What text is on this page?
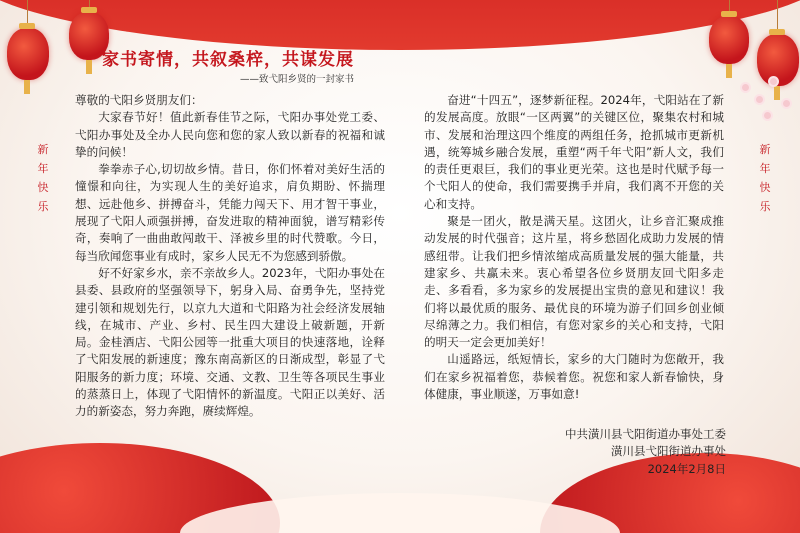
新
年
快
乐
新
年
快
乐
家书寄情，共叙桑梓，共谋发展
——致弋阳乡贤的一封家书

尊敬的弋阳乡贤朋友们：

大家春节好！值此新春佳节之际，弋阳办事处党工委、弋阳办事处及全办人民向您和您的家人致以新春的祝福和诚挚的问候！

拳拳赤子心,切切故乡情。昔日，你们怀着对美好生活的憧憬和向往，为实现人生的美好追求，肩负期盼、怀揣理想、远赴他乡、拼搏奋斗，凭能力闯天下、用才智干事业，展现了弋阳人顽强拼搏，奋发进取的精神面貌，谱写精彩传奇，奏响了一曲曲敢闯敢干、泽被乡里的时代赞歌。今日，每当欣闻您事业有成时，家乡人民无不为您感到骄傲。

好不好家乡水，亲不亲故乡人。2023年，弋阳办事处在县委、县政府的坚强领导下，躬身入局、奋勇争先，坚持党建引领和规划先行，以京九大道和弋阳路为社会经济发展轴线，在城市、产业、乡村、民生四大建设上破新题，开新局。金桂酒店、弋阳公园等一批重大项目的快速落地，诠释了弋阳发展的新速度；豫东南高新区的日渐成型，彰显了弋阳服务的新力度；环境、交通、文教、卫生等各项民生事业的蒸蒸日上，体现了弋阳情怀的新温度。弋阳正以美好、活力的新姿态，努力奔跑，赓续辉煌。

奋进“十四五”，逐梦新征程。2024年，弋阳站在了新的发展高度。放眼“一区两翼”的关键区位，聚集农村和城市、发展和治理这四个维度的两组任务，抢抓城市更新机遇，统筹城乡融合发展，重塑“两千年弋阳”新人文，我们的责任更艰巨，我们的事业更光荣。这也是时代赋予每一个弋阳人的使命，我们需要携手并肩，我们离不开您的关心和支持。

聚是一团火，散是满天星。这团火，让乡音汇聚成推动发展的时代强音；这片星，将乡愁固化成助力发展的情感纽带。让我们把乡情浓缩成高质量发展的强大能量，共建家乡、共赢未来。衷心希望各位乡贤朋友回弋阳多走走、多看看，多为家乡的发展提出宝贵的意见和建议！我们将以最优质的服务、最优良的环境为游子们回乡创业倾尽绵薄之力。我们相信，有您对家乡的关心和支持，弋阳的明天一定会更加美好！

山遥路远，纸短情长，家乡的大门随时为您敞开，我们在家乡祝福着您，恭候着您。祝您和家人新春愉快，身体健康，事业顺遂，万事如意!

中共潢川县弋阳街道办事处工委
潢川县弋阳街道办事处
2024年2月8日
